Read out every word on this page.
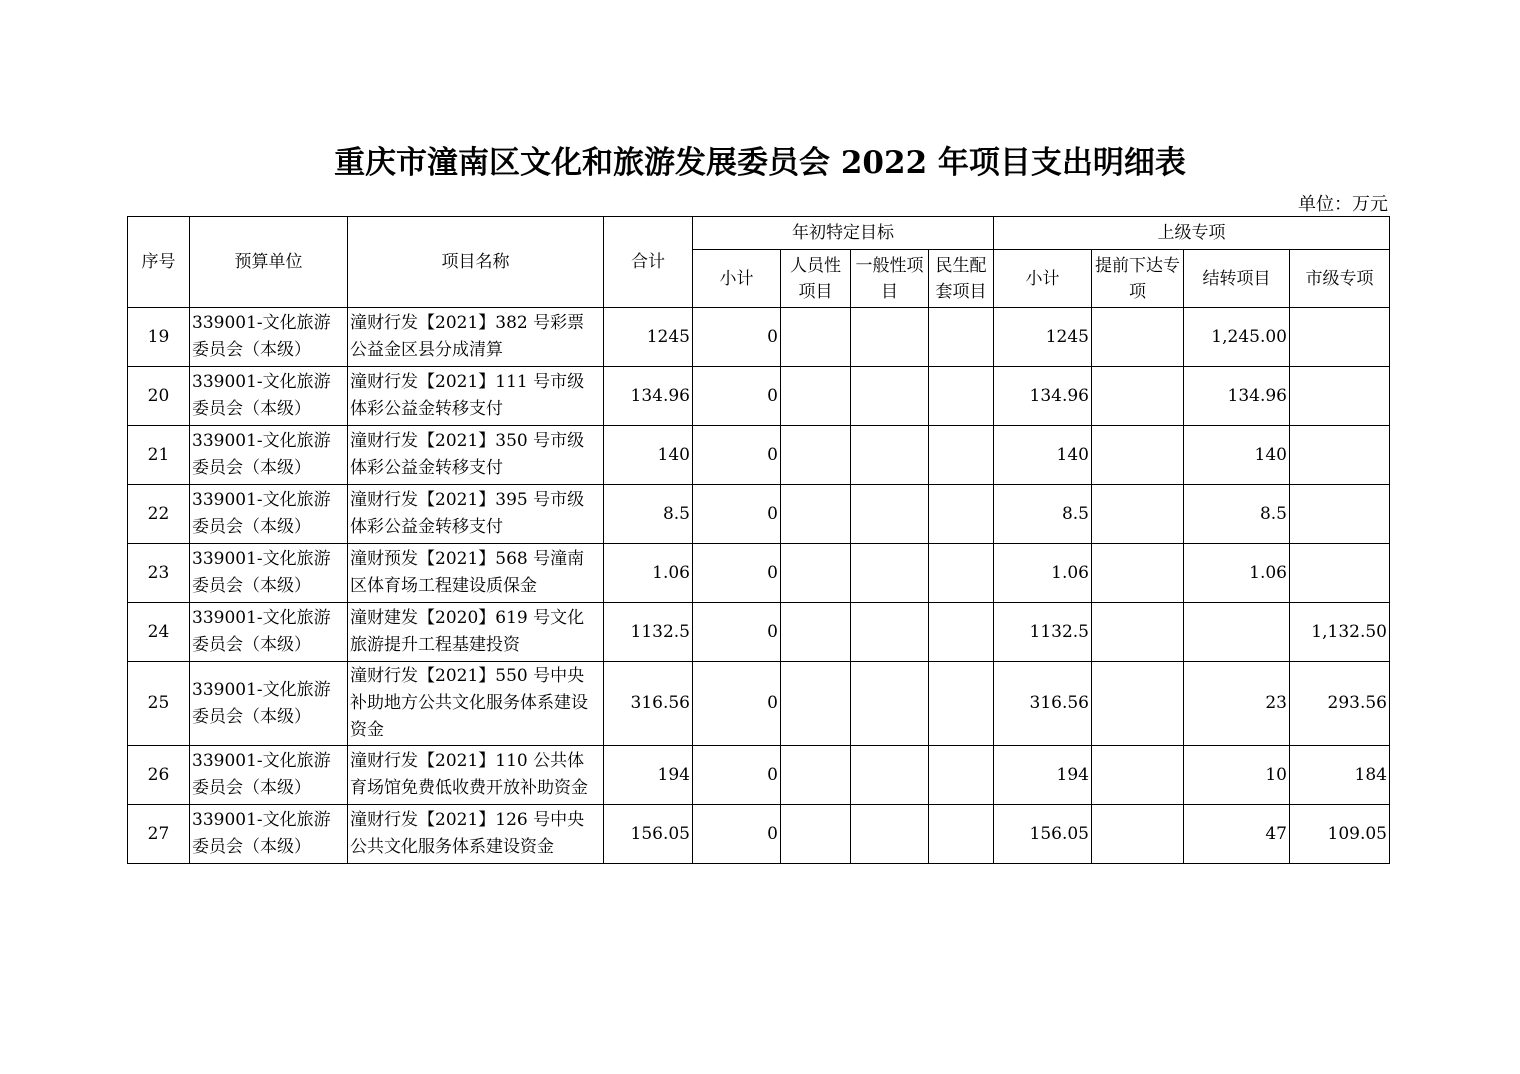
重庆市潼南区文化和旅游发展委员会 2022 年项目支出明细表
单位：万元
序号	预算单位	项目名称	合计	年初特定目标				上级专项			
				小计	人员性项目	一般性项目	民生配套项目	小计	提前下达专项	结转项目	市级专项
19	339001-文化旅游委员会（本级）	潼财行发【2021】382 号彩票公益金区县分成清算	1245	0				1245		1,245.00	
20	339001-文化旅游委员会（本级）	潼财行发【2021】111 号市级体彩公益金转移支付	134.96	0				134.96		134.96	
21	339001-文化旅游委员会（本级）	潼财行发【2021】350 号市级体彩公益金转移支付	140	0				140		140	
22	339001-文化旅游委员会（本级）	潼财行发【2021】395 号市级体彩公益金转移支付	8.5	0				8.5		8.5	
23	339001-文化旅游委员会（本级）	潼财预发【2021】568 号潼南区体育场工程建设质保金	1.06	0				1.06		1.06	
24	339001-文化旅游委员会（本级）	潼财建发【2020】619 号文化旅游提升工程基建投资	1132.5	0				1132.5			1,132.50
25	339001-文化旅游委员会（本级）	潼财行发【2021】550 号中央补助地方公共文化服务体系建设资金	316.56	0				316.56		23	293.56
26	339001-文化旅游委员会（本级）	潼财行发【2021】110 公共体育场馆免费低收费开放补助资金	194	0				194		10	184
27	339001-文化旅游委员会（本级）	潼财行发【2021】126 号中央公共文化服务体系建设资金	156.05	0				156.05		47	109.05
